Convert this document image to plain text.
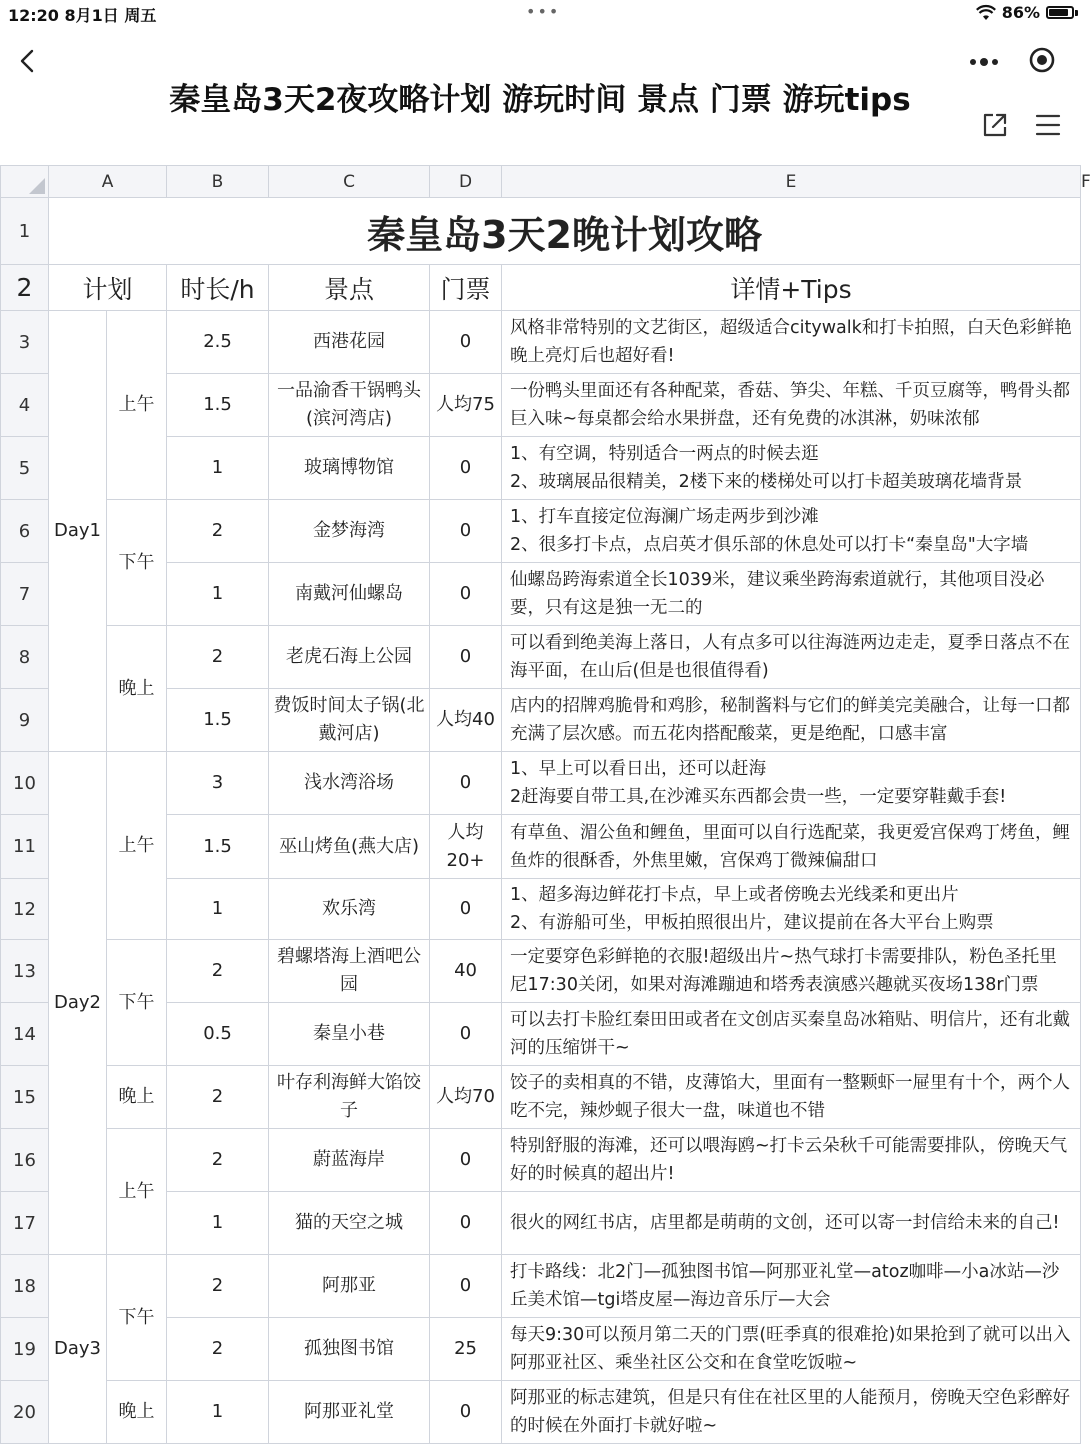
12:20 8月1日 周五	•••	86%
秦皇岛3天2夜攻略计划 游玩时间 景点 门票 游玩tips
	A		B	C	D	E	F
1	秦皇岛3天2晚计划攻略						
2	计划		时长/h	景点	门票	详情+Tips	
3	Day1	上午	2.5	西港花园	0	风格非常特别的文艺街区，超级适合citywalk和打卡拍照，白天色彩鲜艳晚上亮灯后也超好看!	
4			1.5	一品渝香干锅鸭头(滨河湾店)	人均75	一份鸭头里面还有各种配菜，香菇、笋尖、年糕、千页豆腐等，鸭骨头都巨入味~每桌都会给水果拼盘，还有免费的冰淇淋，奶味浓郁	
5			1	玻璃博物馆	0	1、有空调，特别适合一两点的时候去逛
2、玻璃展品很精美，2楼下来的楼梯处可以打卡超美玻璃花墙背景	
6		下午	2	金梦海湾	0	1、打车直接定位海澜广场走两步到沙滩
2、很多打卡点，点启英才俱乐部的休息处可以打卡“秦皇岛"大字墙	
7			1	南戴河仙螺岛	0	仙螺岛跨海索道全长1039米，建议乘坐跨海索道就行，其他项目没必要，只有这是独一无二的	
8		晚上	2	老虎石海上公园	0	可以看到绝美海上落日，人有点多可以往海涟两边走走，夏季日落点不在海平面，在山后(但是也很值得看)	
9			1.5	费饭时间太子锅(北戴河店)	人均40	店内的招牌鸡脆骨和鸡胗，秘制酱料与它们的鲜美完美融合，让每一口都充满了层次感。而五花肉搭配酸菜，更是绝配，口感丰富	
10	Day2	上午	3	浅水湾浴场	0	1、早上可以看日出，还可以赶海
2赶海要自带工具,在沙滩买东西都会贵一些，一定要穿鞋戴手套!	
11			1.5	巫山烤鱼(燕大店)	人均20+	有草鱼、湄公鱼和鲤鱼，里面可以自行选配菜，我更爱宫保鸡丁烤鱼，鲤鱼炸的很酥香，外焦里嫩，宫保鸡丁微辣偏甜口	
12			1	欢乐湾	0	1、超多海边鲜花打卡点，早上或者傍晚去光线柔和更出片
2、有游船可坐，甲板拍照很出片，建议提前在各大平台上购票	
13		下午	2	碧螺塔海上酒吧公园	40	一定要穿色彩鲜艳的衣服!超级出片~热气球打卡需要排队，粉色圣托里尼17:30关闭，如果对海滩蹦迪和塔秀表演感兴趣就买夜场138r门票	
14			0.5	秦皇小巷	0	可以去打卡脸红秦田田或者在文创店买秦皇岛冰箱贴、明信片，还有北戴河的压缩饼干~	
15		晚上	2	叶存利海鲜大馅饺子	人均70	饺子的卖相真的不错，皮薄馅大，里面有一整颗虾一屉里有十个，两个人吃不完，辣炒蚬子很大一盘，味道也不错	
16		上午	2	蔚蓝海岸	0	特别舒服的海滩，还可以喂海鸥~打卡云朵秋千可能需要排队，傍晚天气好的时候真的超出片!	
17			1	猫的天空之城	0	很火的网红书店，店里都是萌萌的文创，还可以寄一封信给未来的自己!	
18	Day3	下午	2	阿那亚	0	打卡路线：北2门—孤独图书馆—阿那亚礼堂—atoz咖啡—小a冰站—沙丘美术馆—tgi塔皮屋—海边音乐厅—大会	
19			2	孤独图书馆	25	每天9:30可以预月第二天的门票(旺季真的很难抢)如果抢到了就可以出入阿那亚社区、乘坐社区公交和在食堂吃饭啦~	
20		晚上	1	阿那亚礼堂	0	阿那亚的标志建筑，但是只有住在社区里的人能预月，傍晚天空色彩醉好的时候在外面打卡就好啦~	
